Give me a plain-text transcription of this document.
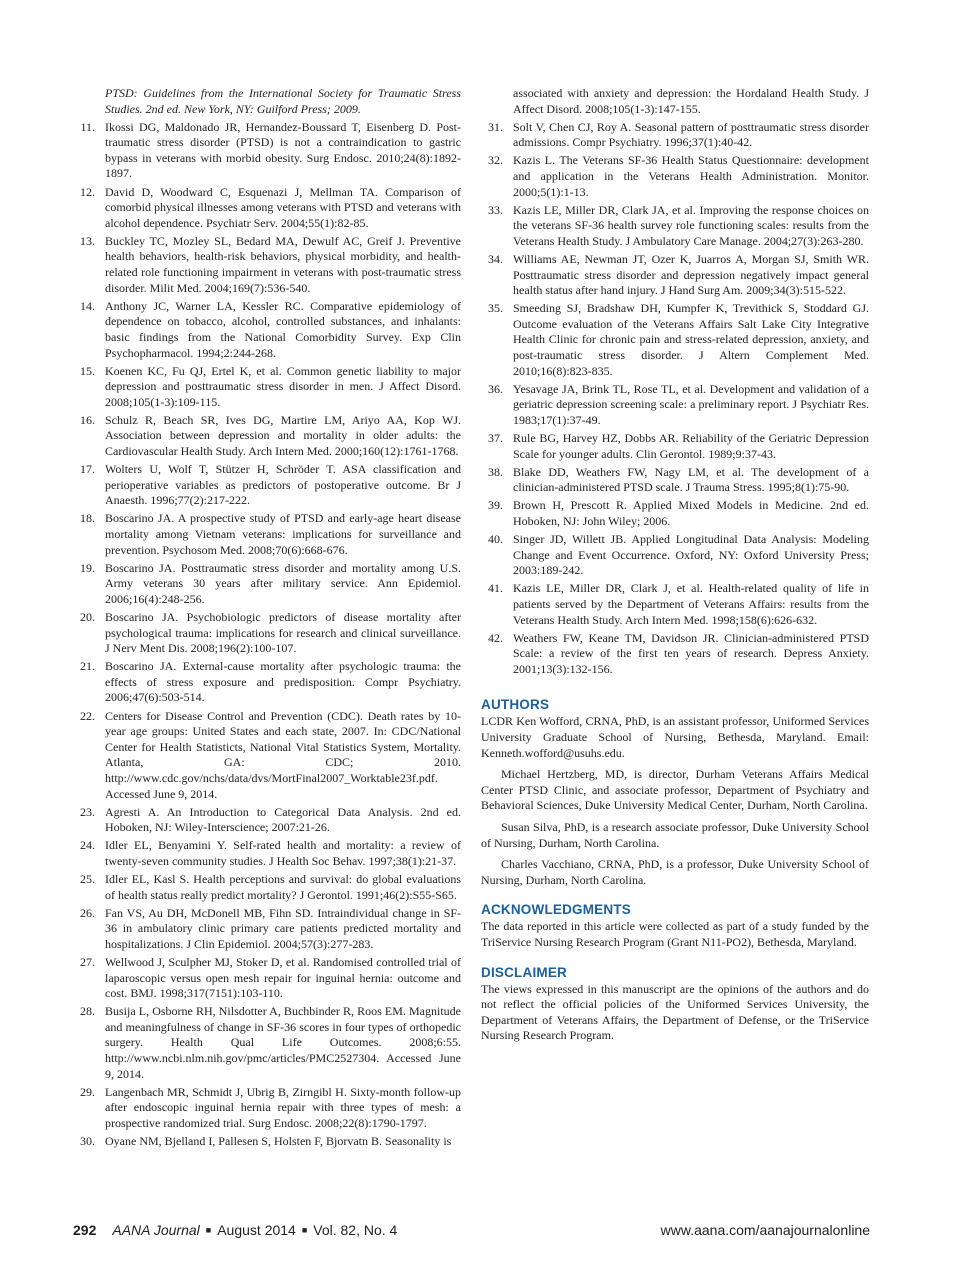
PTSD: Guidelines from the International Society for Traumatic Stress Studies. 2nd ed. New York, NY: Guilford Press; 2009.
11. Ikossi DG, Maldonado JR, Hernandez-Boussard T, Eisenberg D. Post-traumatic stress disorder (PTSD) is not a contraindication to gastric bypass in veterans with morbid obesity. Surg Endosc. 2010;24(8):1892-1897.
12. David D, Woodward C, Esquenazi J, Mellman TA. Comparison of comorbid physical illnesses among veterans with PTSD and veterans with alcohol dependence. Psychiatr Serv. 2004;55(1):82-85.
13. Buckley TC, Mozley SL, Bedard MA, Dewulf AC, Greif J. Preventive health behaviors, health-risk behaviors, physical morbidity, and health-related role functioning impairment in veterans with post-traumatic stress disorder. Milit Med. 2004;169(7):536-540.
14. Anthony JC, Warner LA, Kessler RC. Comparative epidemiology of dependence on tobacco, alcohol, controlled substances, and inhalants: basic findings from the National Comorbidity Survey. Exp Clin Psychopharmacol. 1994;2:244-268.
15. Koenen KC, Fu QJ, Ertel K, et al. Common genetic liability to major depression and posttraumatic stress disorder in men. J Affect Disord. 2008;105(1-3):109-115.
16. Schulz R, Beach SR, Ives DG, Martire LM, Ariyo AA, Kop WJ. Association between depression and mortality in older adults: the Cardiovascular Health Study. Arch Intern Med. 2000;160(12):1761-1768.
17. Wolters U, Wolf T, Stützer H, Schröder T. ASA classification and perioperative variables as predictors of postoperative outcome. Br J Anaesth. 1996;77(2):217-222.
18. Boscarino JA. A prospective study of PTSD and early-age heart disease mortality among Vietnam veterans: implications for surveillance and prevention. Psychosom Med. 2008;70(6):668-676.
19. Boscarino JA. Posttraumatic stress disorder and mortality among U.S. Army veterans 30 years after military service. Ann Epidemiol. 2006;16(4):248-256.
20. Boscarino JA. Psychobiologic predictors of disease mortality after psychological trauma: implications for research and clinical surveillance. J Nerv Ment Dis. 2008;196(2):100-107.
21. Boscarino JA. External-cause mortality after psychologic trauma: the effects of stress exposure and predisposition. Compr Psychiatry. 2006;47(6):503-514.
22. Centers for Disease Control and Prevention (CDC). Death rates by 10-year age groups: United States and each state, 2007. In: CDC/National Center for Health Statisticts, National Vital Statistics System, Mortality. Atlanta, GA: CDC; 2010. http://www.cdc.gov/nchs/data/dvs/MortFinal2007_Worktable23f.pdf. Accessed June 9, 2014.
23. Agresti A. An Introduction to Categorical Data Analysis. 2nd ed. Hoboken, NJ: Wiley-Interscience; 2007:21-26.
24. Idler EL, Benyamini Y. Self-rated health and mortality: a review of twenty-seven community studies. J Health Soc Behav. 1997;38(1):21-37.
25. Idler EL, Kasl S. Health perceptions and survival: do global evaluations of health status really predict mortality? J Gerontol. 1991;46(2):S55-S65.
26. Fan VS, Au DH, McDonell MB, Fihn SD. Intraindividual change in SF-36 in ambulatory clinic primary care patients predicted mortality and hospitalizations. J Clin Epidemiol. 2004;57(3):277-283.
27. Wellwood J, Sculpher MJ, Stoker D, et al. Randomised controlled trial of laparoscopic versus open mesh repair for inguinal hernia: outcome and cost. BMJ. 1998;317(7151):103-110.
28. Busija L, Osborne RH, Nilsdotter A, Buchbinder R, Roos EM. Magnitude and meaningfulness of change in SF-36 scores in four types of orthopedic surgery. Health Qual Life Outcomes. 2008;6:55. http://www.ncbi.nlm.nih.gov/pmc/articles/PMC2527304. Accessed June 9, 2014.
29. Langenbach MR, Schmidt J, Ubrig B, Zirngibl H. Sixty-month follow-up after endoscopic inguinal hernia repair with three types of mesh: a prospective randomized trial. Surg Endosc. 2008;22(8):1790-1797.
30. Oyane NM, Bjelland I, Pallesen S, Holsten F, Bjorvatn B. Seasonality is
associated with anxiety and depression: the Hordaland Health Study. J Affect Disord. 2008;105(1-3):147-155.
31. Solt V, Chen CJ, Roy A. Seasonal pattern of posttraumatic stress disorder admissions. Compr Psychiatry. 1996;37(1):40-42.
32. Kazis L. The Veterans SF-36 Health Status Questionnaire: development and application in the Veterans Health Administration. Monitor. 2000;5(1):1-13.
33. Kazis LE, Miller DR, Clark JA, et al. Improving the response choices on the veterans SF-36 health survey role functioning scales: results from the Veterans Health Study. J Ambulatory Care Manage. 2004;27(3):263-280.
34. Williams AE, Newman JT, Ozer K, Juarros A, Morgan SJ, Smith WR. Posttraumatic stress disorder and depression negatively impact general health status after hand injury. J Hand Surg Am. 2009;34(3):515-522.
35. Smeeding SJ, Bradshaw DH, Kumpfer K, Trevithick S, Stoddard GJ. Outcome evaluation of the Veterans Affairs Salt Lake City Integrative Health Clinic for chronic pain and stress-related depression, anxiety, and post-traumatic stress disorder. J Altern Complement Med. 2010;16(8):823-835.
36. Yesavage JA, Brink TL, Rose TL, et al. Development and validation of a geriatric depression screening scale: a preliminary report. J Psychiatr Res. 1983;17(1):37-49.
37. Rule BG, Harvey HZ, Dobbs AR. Reliability of the Geriatric Depression Scale for younger adults. Clin Gerontol. 1989;9:37-43.
38. Blake DD, Weathers FW, Nagy LM, et al. The development of a clinician-administered PTSD scale. J Trauma Stress. 1995;8(1):75-90.
39. Brown H, Prescott R. Applied Mixed Models in Medicine. 2nd ed. Hoboken, NJ: John Wiley; 2006.
40. Singer JD, Willett JB. Applied Longitudinal Data Analysis: Modeling Change and Event Occurrence. Oxford, NY: Oxford University Press; 2003:189-242.
41. Kazis LE, Miller DR, Clark J, et al. Health-related quality of life in patients served by the Department of Veterans Affairs: results from the Veterans Health Study. Arch Intern Med. 1998;158(6):626-632.
42. Weathers FW, Keane TM, Davidson JR. Clinician-administered PTSD Scale: a review of the first ten years of research. Depress Anxiety. 2001;13(3):132-156.
AUTHORS

LCDR Ken Wofford, CRNA, PhD, is an assistant professor, Uniformed Services University Graduate School of Nursing, Bethesda, Maryland. Email: Kenneth.wofford@usuhs.edu.

Michael Hertzberg, MD, is director, Durham Veterans Affairs Medical Center PTSD Clinic, and associate professor, Department of Psychiatry and Behavioral Sciences, Duke University Medical Center, Durham, North Carolina.

Susan Silva, PhD, is a research associate professor, Duke University School of Nursing, Durham, North Carolina.

Charles Vacchiano, CRNA, PhD, is a professor, Duke University School of Nursing, Durham, North Carolina.

ACKNOWLEDGMENTS

The data reported in this article were collected as part of a study funded by the TriService Nursing Research Program (Grant N11-PO2), Bethesda, Maryland.

DISCLAIMER

The views expressed in this manuscript are the opinions of the authors and do not reflect the official policies of the Uniformed Services University, the Department of Veterans Affairs, the Department of Defense, or the TriService Nursing Research Program.

292 AANA Journal ■ August 2014 ■ Vol. 82, No. 4	www.aana.com/aanajournalonline
